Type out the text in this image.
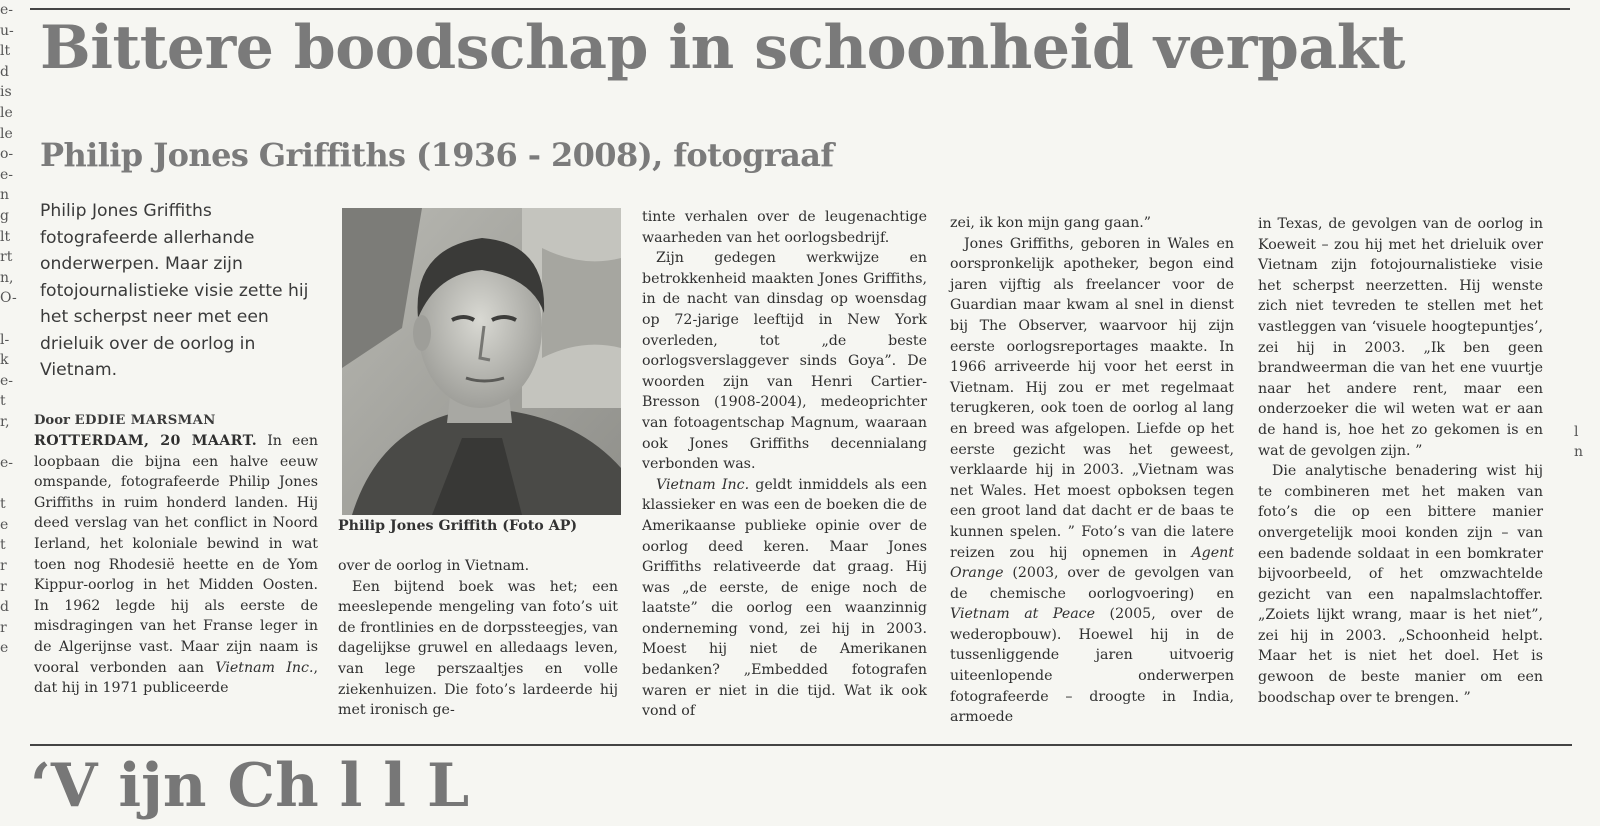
e-
u-
lt
d
is
le
le
o-
e-
n
g
lt
rt
n,
O-

l-
k
e-
t
r,

e-

t
e
t
r
r
d
r
e

l
n

Bittere boodschap in schoonheid verpakt
Philip Jones Griffiths (1936 - 2008), fotograaf
Philip Jones Griffiths fotografeerde allerhande onderwerpen. Maar zijn fotojournalistieke visie zette hij het scherpst neer met een drieluik over de oorlog in Vietnam.
Door EDDIE MARSMAN

ROTTERDAM, 20 MAART. In een loopbaan die bijna een halve eeuw omspande, fotografeerde Philip Jones Griffiths in ruim honderd landen. Hij deed verslag van het conflict in Noord Ierland, het koloniale bewind in wat toen nog Rhodesië heette en de Yom Kippur-oorlog in het Midden Oosten. In 1962 legde hij als eerste de misdragingen van het Franse leger in de Algerijnse vast. Maar zijn naam is vooral verbonden aan Vietnam Inc., dat hij in 1971 publiceerde

Philip Jones Griffith (Foto AP)

over de oorlog in Vietnam.

Een bijtend boek was het; een meeslepende mengeling van foto’s uit de frontlinies en de dorpssteegjes, van dagelijkse gruwel en alledaags leven, van lege perszaaltjes en volle ziekenhuizen. Die foto’s lardeerde hij met ironisch ge-

tinte verhalen over de leugenachtige waarheden van het oorlogsbedrijf.

Zijn gedegen werkwijze en betrokkenheid maakten Jones Griffiths, in de nacht van dinsdag op woensdag op 72-jarige leeftijd in New York overleden, tot „de beste oorlogsverslaggever sinds Goya”. De woorden zijn van Henri Cartier-Bresson (1908-2004), medeoprichter van fotoagentschap Magnum, waaraan ook Jones Griffiths decennialang verbonden was.

Vietnam Inc. geldt inmiddels als een klassieker en was een de boeken die de Amerikaanse publieke opinie over de oorlog deed keren. Maar Jones Griffiths relativeerde dat graag. Hij was „de eerste, de enige noch de laatste” die oorlog een waanzinnig onderneming vond, zei hij in 2003. Moest hij niet de Amerikanen bedanken? „Embedded fotografen waren er niet in die tijd. Wat ik ook vond of

zei, ik kon mijn gang gaan.”

Jones Griffiths, geboren in Wales en oorspronkelijk apotheker, begon eind jaren vijftig als freelancer voor de Guardian maar kwam al snel in dienst bij The Observer, waarvoor hij zijn eerste oorlogsreportages maakte. In 1966 arriveerde hij voor het eerst in Vietnam. Hij zou er met regelmaat terugkeren, ook toen de oorlog al lang en breed was afgelopen. Liefde op het eerste gezicht was het geweest, verklaarde hij in 2003. „Vietnam was net Wales. Het moest opboksen tegen een groot land dat dacht er de baas te kunnen spelen. ” Foto’s van die latere reizen zou hij opnemen in Agent Orange (2003, over de gevolgen van de chemische oorlogvoering) en Vietnam at Peace (2005, over de wederopbouw). Hoewel hij in de tussenliggende jaren uitvoerig uiteenlopende onderwerpen fotografeerde – droogte in India, armoede

in Texas, de gevolgen van de oorlog in Koeweit – zou hij met het drieluik over Vietnam zijn fotojournalistieke visie het scherpst neerzetten. Hij wenste zich niet tevreden te stellen met het vastleggen van ‘visuele hoogtepuntjes’, zei hij in 2003. „Ik ben geen brandweerman die van het ene vuurtje naar het andere rent, maar een onderzoeker die wil weten wat er aan de hand is, hoe het zo gekomen is en wat de gevolgen zijn. ”

Die analytische benadering wist hij te combineren met het maken van foto’s die op een bittere manier onvergetelijk mooi konden zijn – van een badende soldaat in een bomkrater bijvoorbeeld, of het omzwachtelde gezicht van een napalmslachtoffer. „Zoiets lijkt wrang, maar is het niet”, zei hij in 2003. „Schoonheid helpt. Maar het is niet het doel. Het is gewoon de beste manier om een boodschap over te brengen. ”

‘V ijn Ch l l L
